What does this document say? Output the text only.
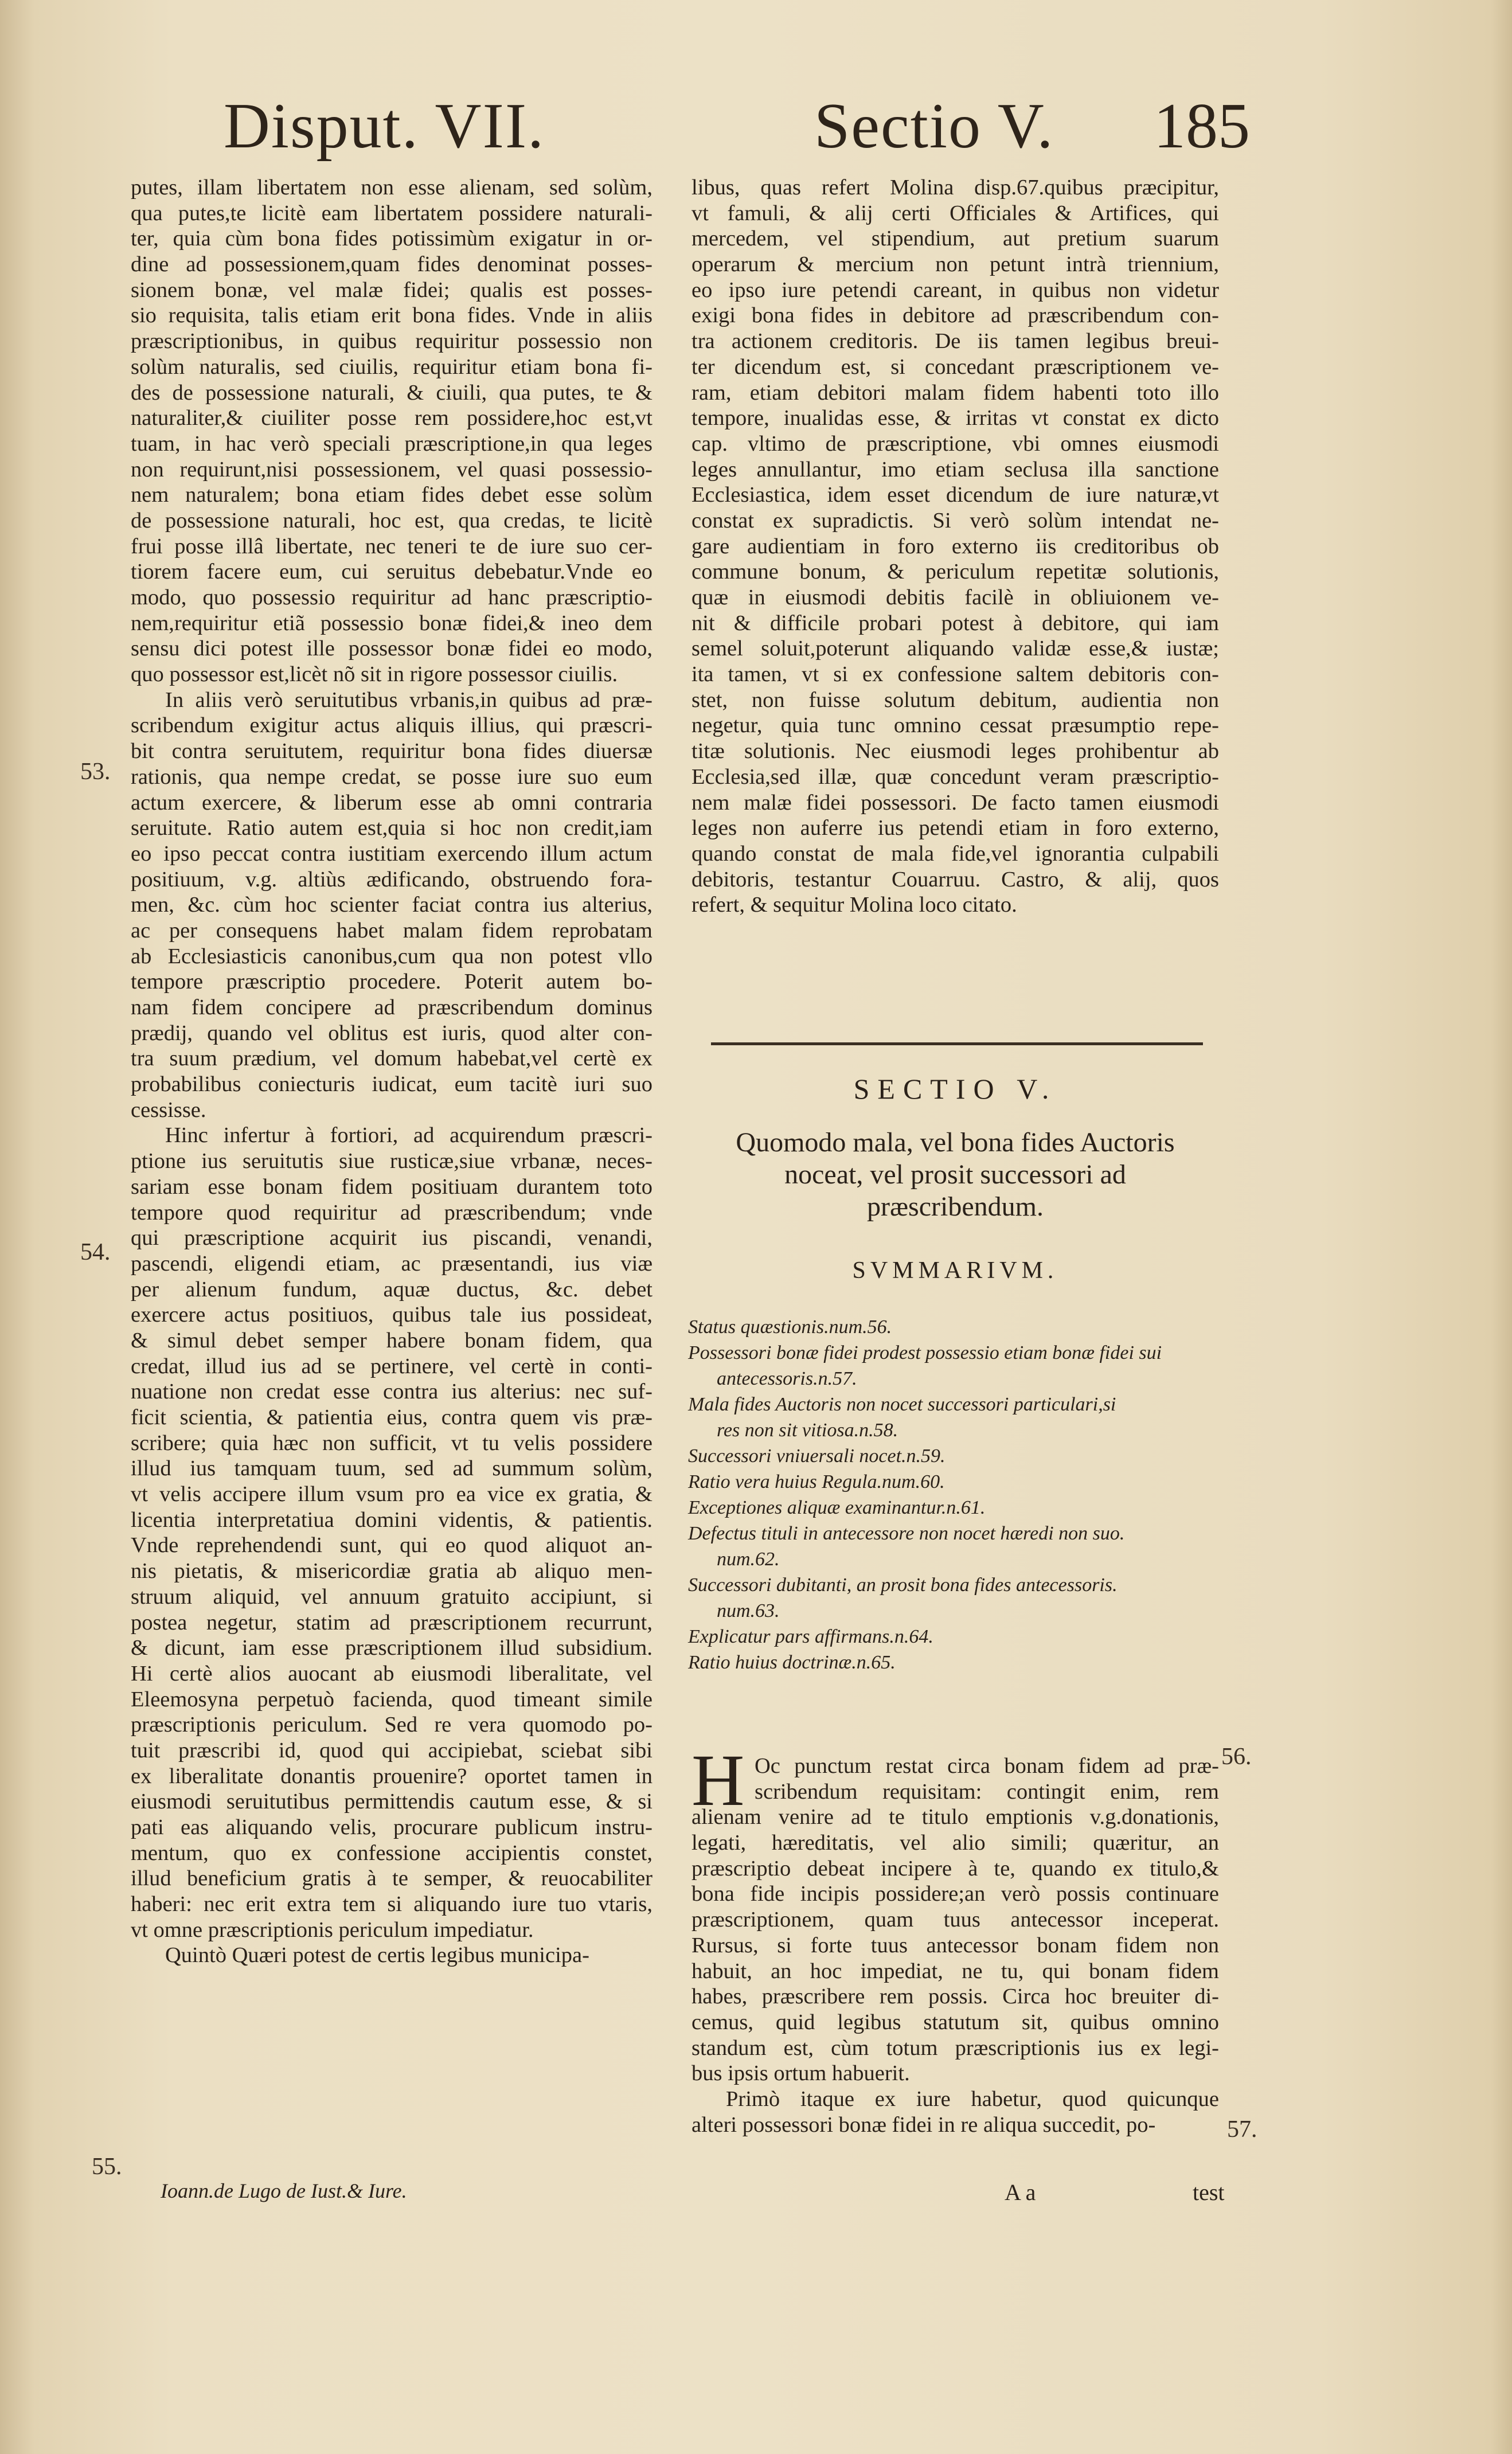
Disput. VII.	Sectio V. 185
putes, illam libertatem non esse alienam, sed solùm,
qua putes,te licitè eam libertatem possidere naturali-
ter, quia cùm bona fides potissimùm exigatur in or-
dine ad possessionem,quam fides denominat posses-
sionem bonæ, vel malæ fidei; qualis est posses-
sio requisita, talis etiam erit bona fides. Vnde in aliis
præscriptionibus, in quibus requiritur possessio non
solùm naturalis, sed ciuilis, requiritur etiam bona fi-
des de possessione naturali, & ciuili, qua putes, te &
naturaliter,& ciuiliter posse rem possidere,hoc est,vt
tuam, in hac verò speciali præscriptione,in qua leges
non requirunt,nisi possessionem, vel quasi possessio-
nem naturalem; bona etiam fides debet esse solùm
de possessione naturali, hoc est, qua credas, te licitè
frui posse illâ libertate, nec teneri te de iure suo cer-
tiorem facere eum, cui seruitus debebatur.Vnde eo
modo, quo possessio requiritur ad hanc præscriptio-
nem,requiritur etiã possessio bonæ fidei,& ineo dem
sensu dici potest ille possessor bonæ fidei eo modo,
quo possessor est,licèt nõ sit in rigore possessor ciuilis.
In aliis verò seruitutibus vrbanis,in quibus ad præ-
scribendum exigitur actus aliquis illius, qui præscri-
bit contra seruitutem, requiritur bona fides diuersæ
rationis, qua nempe credat, se posse iure suo eum
actum exercere, & liberum esse ab omni contraria
seruitute. Ratio autem est,quia si hoc non credit,iam
eo ipso peccat contra iustitiam exercendo illum actum
positiuum, v.g. altiùs ædificando, obstruendo fora-
men, &c. cùm hoc scienter faciat contra ius alterius,
ac per consequens habet malam fidem reprobatam
ab Ecclesiasticis canonibus,cum qua non potest vllo
tempore præscriptio procedere. Poterit autem bo-
nam fidem concipere ad præscribendum dominus
prædij, quando vel oblitus est iuris, quod alter con-
tra suum prædium, vel domum habebat,vel certè ex
probabilibus coniecturis iudicat, eum tacitè iuri suo
cessisse.
Hinc infertur à fortiori, ad acquirendum præscri-
ptione ius seruitutis siue rusticæ,siue vrbanæ, neces-
sariam esse bonam fidem positiuam durantem toto
tempore quod requiritur ad præscribendum; vnde
qui præscriptione acquirit ius piscandi, venandi,
pascendi, eligendi etiam, ac præsentandi, ius viæ
per alienum fundum, aquæ ductus, &c. debet
exercere actus positiuos, quibus tale ius possideat,
& simul debet semper habere bonam fidem, qua
credat, illud ius ad se pertinere, vel certè in conti-
nuatione non credat esse contra ius alterius: nec suf-
ficit scientia, & patientia eius, contra quem vis præ-
scribere; quia hæc non sufficit, vt tu velis possidere
illud ius tamquam tuum, sed ad summum solùm,
vt velis accipere illum vsum pro ea vice ex gratia, &
licentia interpretatiua domini videntis, & patientis.
Vnde reprehendendi sunt, qui eo quod aliquot an-
nis pietatis, & misericordiæ gratia ab aliquo men-
struum aliquid, vel annuum gratuito accipiunt, si
postea negetur, statim ad præscriptionem recurrunt,
& dicunt, iam esse præscriptionem illud subsidium.
Hi certè alios auocant ab eiusmodi liberalitate, vel
Eleemosyna perpetuò facienda, quod timeant simile
præscriptionis periculum. Sed re vera quomodo po-
tuit præscribi id, quod qui accipiebat, sciebat sibi
ex liberalitate donantis prouenire? oportet tamen in
eiusmodi seruitutibus permittendis cautum esse, & si
pati eas aliquando velis, procurare publicum instru-
mentum, quo ex confessione accipientis constet,
illud beneficium gratis à te semper, & reuocabiliter
haberi: nec erit extra tem si aliquando iure tuo vtaris,
vt omne præscriptionis periculum impediatur.
Quintò Quæri potest de certis legibus municipa-
libus, quas refert Molina disp.67.quibus præcipitur,
vt famuli, & alij certi Officiales & Artifices, qui
mercedem, vel stipendium, aut pretium suarum
operarum & mercium non petunt intrà triennium,
eo ipso iure petendi careant, in quibus non videtur
exigi bona fides in debitore ad præscribendum con-
tra actionem creditoris. De iis tamen legibus breui-
ter dicendum est, si concedant præscriptionem ve-
ram, etiam debitori malam fidem habenti toto illo
tempore, inualidas esse, & irritas vt constat ex dicto
cap. vltimo de præscriptione, vbi omnes eiusmodi
leges annullantur, imo etiam seclusa illa sanctione
Ecclesiastica, idem esset dicendum de iure naturæ,vt
constat ex supradictis. Si verò solùm intendat ne-
gare audientiam in foro externo iis creditoribus ob
commune bonum, & periculum repetitæ solutionis,
quæ in eiusmodi debitis facilè in obliuionem ve-
nit & difficile probari potest à debitore, qui iam
semel soluit,poterunt aliquando validæ esse,& iustæ;
ita tamen, vt si ex confessione saltem debitoris con-
stet, non fuisse solutum debitum, audientia non
negetur, quia tunc omnino cessat præsumptio repe-
titæ solutionis. Nec eiusmodi leges prohibentur ab
Ecclesia,sed illæ, quæ concedunt veram præscriptio-
nem malæ fidei possessori. De facto tamen eiusmodi
leges non auferre ius petendi etiam in foro externo,
quando constat de mala fide,vel ignorantia culpabili
debitoris, testantur Couarruu. Castro, & alij, quos
refert, & sequitur Molina loco citato.
53.
54.
55.
56.
57.
SECTIO V.
Quomodo mala, vel bona fides Auctoris
noceat, vel prosit successori ad
præscribendum.
SVMMARIVM.
Status quæstionis.num.56.
Possessori bonæ fidei prodest possessio etiam bonæ fidei sui
antecessoris.n.57.
Mala fides Auctoris non nocet successori particulari,si
res non sit vitiosa.n.58.
Successori vniuersali nocet.n.59.
Ratio vera huius Regula.num.60.
Exceptiones aliquæ examinantur.n.61.
Defectus tituli in antecessore non nocet hæredi non suo.
num.62.
Successori dubitanti, an prosit bona fides antecessoris.
num.63.
Explicatur pars affirmans.n.64.
Ratio huius doctrinæ.n.65.
H Oc punctum restat circa bonam fidem ad præ-
scribendum requisitam: contingit enim, rem
alienam venire ad te titulo emptionis v.g.donationis,
legati, hæreditatis, vel alio simili; quæritur, an
præscriptio debeat incipere à te, quando ex titulo,&
bona fide incipis possidere;an verò possis continuare
præscriptionem, quam tuus antecessor inceperat.
Rursus, si forte tuus antecessor bonam fidem non
habuit, an hoc impediat, ne tu, qui bonam fidem
habes, præscribere rem possis. Circa hoc breuiter di-
cemus, quid legibus statutum sit, quibus omnino
standum est, cùm totum præscriptionis ius ex legi-
bus ipsis ortum habuerit.
Primò itaque ex iure habetur, quod quicunque
alteri possessori bonæ fidei in re aliqua succedit, po-
Ioann.de Lugo de Iust.& Iure.	A a	test
